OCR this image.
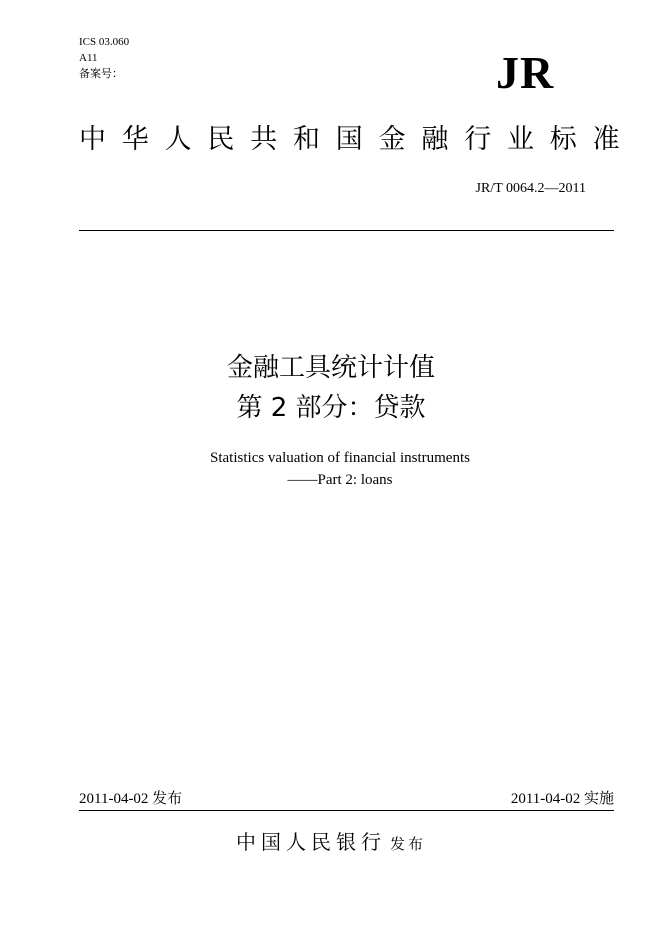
ICS 03.060
A11
备案号：	JR
中华人民共和国金融行业标准
JR/T 0064.2—2011
金融工具统计计值
第 2 部分：贷款
Statistics valuation of financial instruments
——Part 2: loans
2011-04-02 发布	2011-04-02 实施
中国人民银行 发布
